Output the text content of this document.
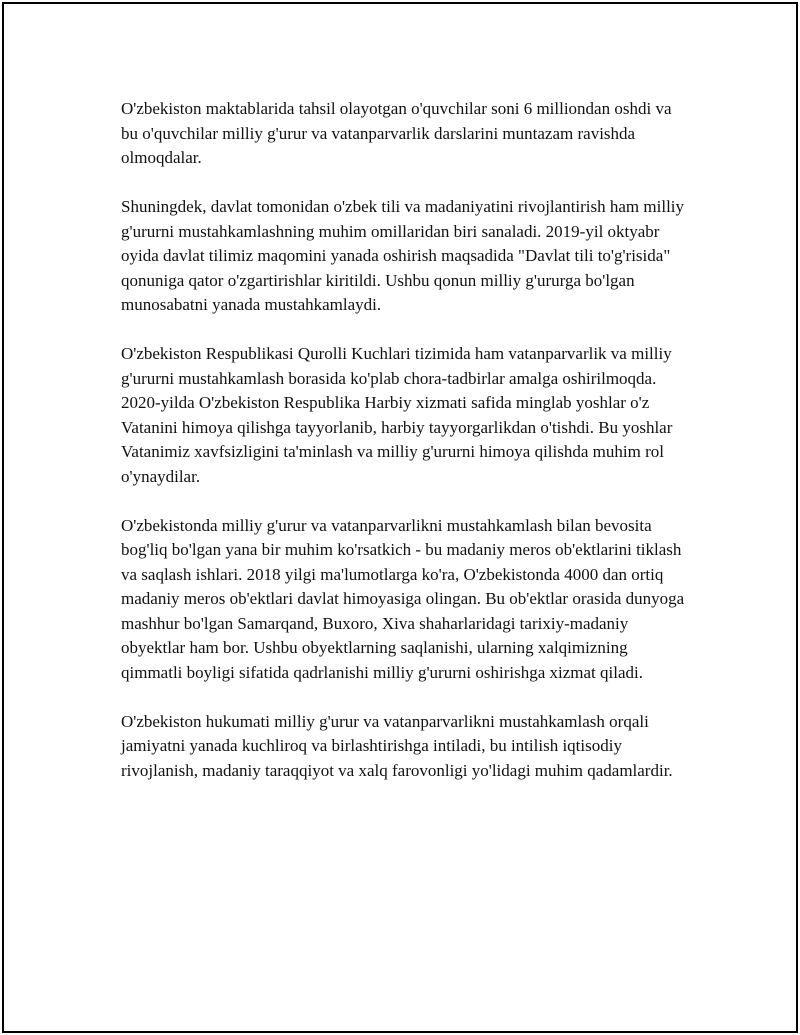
O'zbekiston maktablarida tahsil olayotgan o'quvchilar soni 6 milliondan oshdi va bu o'quvchilar milliy g'urur va vatanparvarlik darslarini muntazam ravishda olmoqdalar.

Shuningdek, davlat tomonidan o'zbek tili va madaniyatini rivojlantirish ham milliy g'ururni mustahkamlashning muhim omillaridan biri sanaladi. 2019-yil oktyabr oyida davlat tilimiz maqomini yanada oshirish maqsadida "Davlat tili to'g'risida" qonuniga qator o'zgartirishlar kiritildi. Ushbu qonun milliy g'ururga bo'lgan munosabatni yanada mustahkamlaydi.

O'zbekiston Respublikasi Qurolli Kuchlari tizimida ham vatanparvarlik va milliy g'ururni mustahkamlash borasida ko'plab chora-tadbirlar amalga oshirilmoqda. 2020-yilda O'zbekiston Respublika Harbiy xizmati safida minglab yoshlar o'z Vatanini himoya qilishga tayyorlanib, harbiy tayyorgarlikdan o'tishdi. Bu yoshlar Vatanimiz xavfsizligini ta'minlash va milliy g'ururni himoya qilishda muhim rol o'ynaydilar.

O'zbekistonda milliy g'urur va vatanparvarlikni mustahkamlash bilan bevosita bog'liq bo'lgan yana bir muhim ko'rsatkich - bu madaniy meros ob'ektlarini tiklash va saqlash ishlari. 2018 yilgi ma'lumotlarga ko'ra, O'zbekistonda 4000 dan ortiq madaniy meros ob'ektlari davlat himoyasiga olingan. Bu ob'ektlar orasida dunyoga mashhur bo'lgan Samarqand, Buxoro, Xiva shaharlaridagi tarixiy-madaniy obyektlar ham bor. Ushbu obyektlarning saqlanishi, ularning xalqimizning qimmatli boyligi sifatida qadrlanishi milliy g'ururni oshirishga xizmat qiladi.

O'zbekiston hukumati milliy g'urur va vatanparvarlikni mustahkamlash orqali jamiyatni yanada kuchliroq va birlashtirishga intiladi, bu intilish iqtisodiy rivojlanish, madaniy taraqqiyot va xalq farovonligi yo'lidagi muhim qadamlardir.
